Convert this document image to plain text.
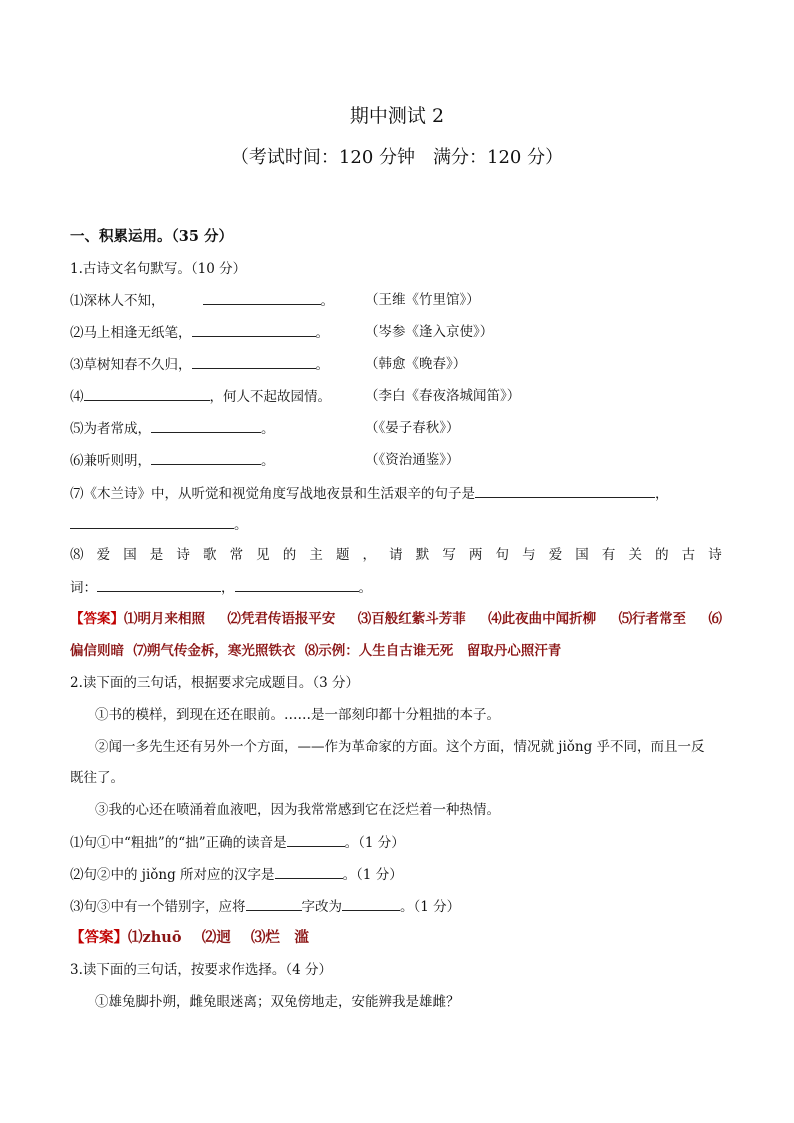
期中测试 2
（考试时间：120 分钟　满分：120 分）
一、积累运用。（35 分）
1.古诗文名句默写。（10 分）
⑴深林人不知，	。 （王维《竹里馆》）
⑵马上相逢无纸笔，	。	（岑参《逢入京使》）
⑶草树知春不久归，	。	（韩愈《晚春》）
⑷	，何人不起故园情。	（李白《春夜洛城闻笛》）
⑸为者常成，	。	（《晏子春秋》）
⑹兼听则明，	。	（《资治通鉴》）
⑺《木兰诗》中，从听觉和视觉角度写战地夜景和生活艰辛的句子是	，
。
⑻ 爱 国 是 诗 歌 常 见 的 主 题 ， 请 默 写 两 句 与 爱 国 有 关 的 古 诗
词：	，	。
【答案】⑴明月来相照 ⑵凭君传语报平安 ⑶百般红紫斗芳菲 ⑷此夜曲中闻折柳 ⑸行者常至 ⑹
偏信则暗 ⑺朔气传金柝，寒光照铁衣 ⑻示例：人生自古谁无死　留取丹心照汗青
2.读下面的三句话，根据要求完成题目。（3 分）
①书的模样，到现在还在眼前。……是一部刻印都十分粗拙的本子。
②闻一多先生还有另外一个方面，——作为革命家的方面。这个方面，情况就 jiǒng 乎不同，而且一反
既往了。
③我的心还在喷涌着血液吧，因为我常常感到它在泛烂着一种热情。
⑴句①中“粗拙”的“拙”正确的读音是	。（1 分）
⑵句②中的 jiǒng 所对应的汉字是	。（1 分）
⑶句③中有一个错别字，应将	字改为	。（1 分）
【答案】⑴zhuō ⑵迥 ⑶烂　滥
3.读下面的三句话，按要求作选择。（4 分）
①雄兔脚扑朔，雌兔眼迷离；双兔傍地走，安能辨我是雄雌？
